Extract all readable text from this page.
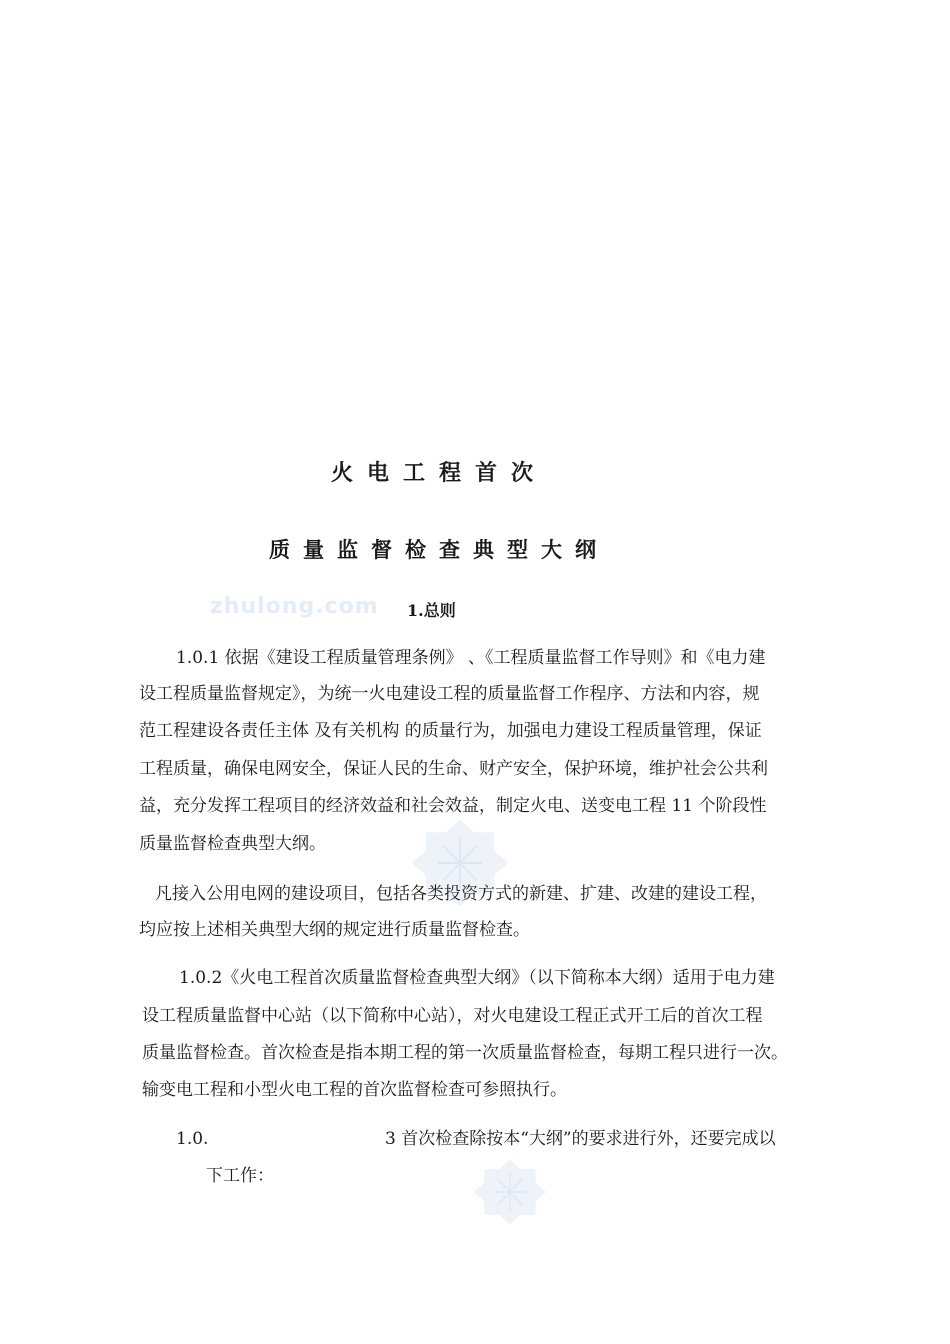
zhulong.com
火电工程首次
质量监督检查典型大纲
1.总则
1.0.1 依据《建设工程质量管理条例》 、《工程质量监督工作导则》和《电力建
设工程质量监督规定》，为统一火电建设工程的质量监督工作程序、方法和内容，规
范工程建设各责任主体 及有关机构 的质量行为，加强电力建设工程质量管理，保证
工程质量，确保电网安全，保证人民的生命、财产安全，保护环境，维护社会公共利
益，充分发挥工程项目的经济效益和社会效益，制定火电、送变电工程 11 个阶段性
质量监督检查典型大纲。
凡接入公用电网的建设项目，包括各类投资方式的新建、扩建、改建的建设工程，
均应按上述相关典型大纲的规定进行质量监督检查。
1.0.2《火电工程首次质量监督检查典型大纲》（以下简称本大纲）适用于电力建
设工程质量监督中心站（以下简称中心站），对火电建设工程正式开工后的首次工程
质量监督检查。首次检查是指本期工程的第一次质量监督检查，每期工程只进行一次。
输变电工程和小型火电工程的首次监督检查可参照执行。
1.0.	3 首次检查除按本“大纲”的要求进行外，还要完成以
下工作：
